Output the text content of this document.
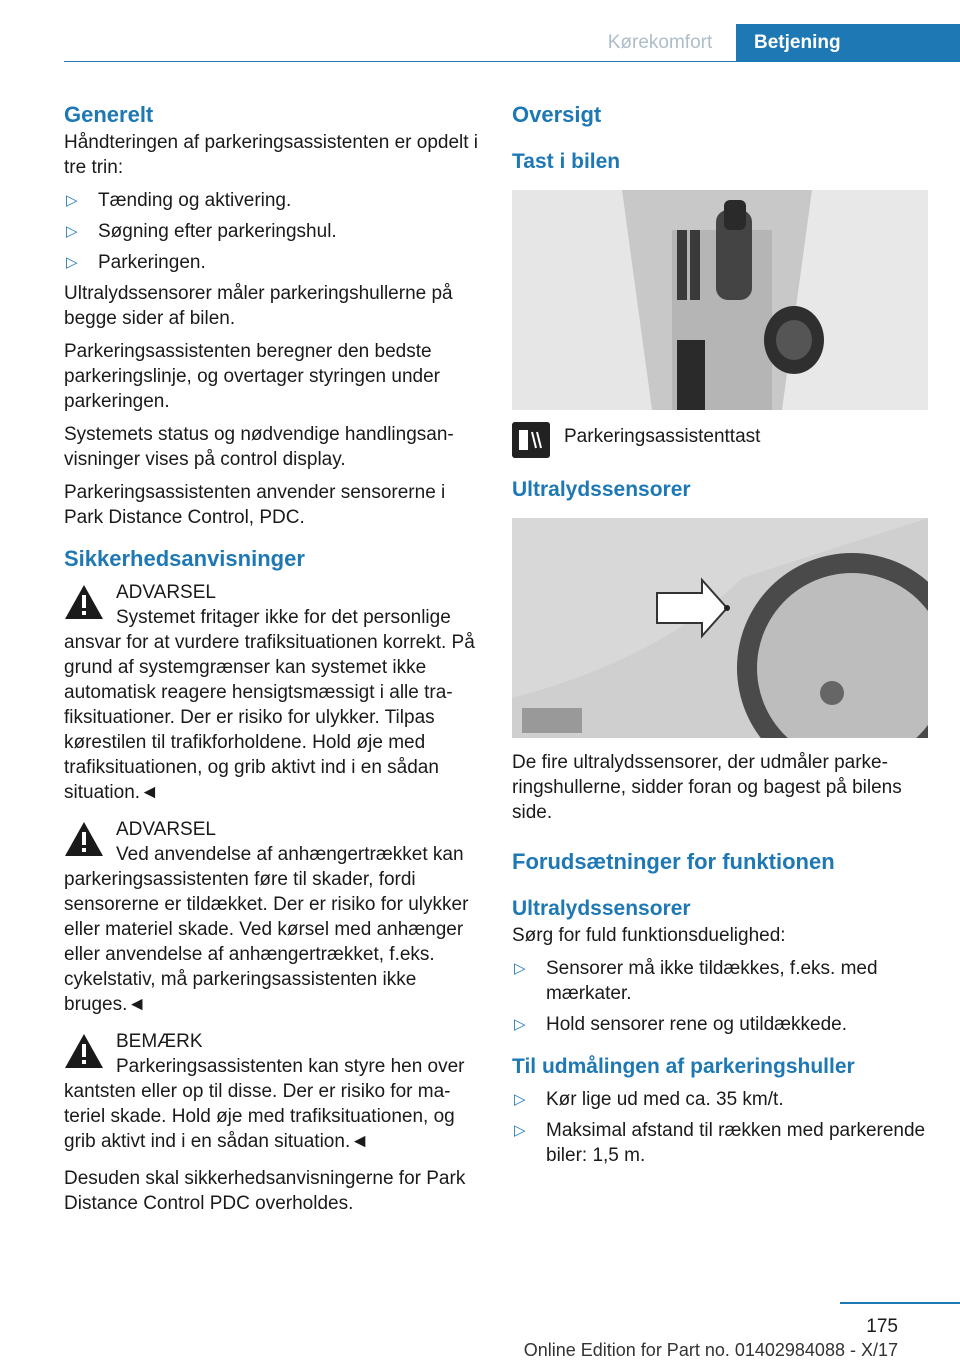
Kørekomfort	Betjening
Generelt

Håndteringen af parkeringsassistenten er opdelt i tre trin:

▷ Tænding og aktivering.
▷ Søgning efter parkeringshul.
▷ Parkeringen.

Ultralydssensorer måler parkeringshullerne på begge sider af bilen.

Parkeringsassistenten beregner den bedste parkeringslinje, og overtager styringen under parkeringen.

Systemets status og nødvendige handlingsanvisninger vises på control display.

Parkeringsassistenten anvender sensorerne i Park Distance Control, PDC.

Sikkerhedsanvisninger

ADVARSEL

Systemet fritager ikke for det personlige

ansvar for at vurdere trafiksituationen korrekt. På grund af systemgrænser kan systemet ikke automatisk reagere hensigtsmæssigt i alle trafiksituationer. Der er risiko for ulykker. Tilpas kørestilen til trafikforholdene. Hold øje med trafiksituationen, og grib aktivt ind i en sådan situation.◄

ADVARSEL

Ved anvendelse af anhængertrækket kan

parkeringsassistenten føre til skader, fordi sensorerne er tildækket. Der er risiko for ulykker eller materiel skade. Ved kørsel med anhænger eller anvendelse af anhængertrækket, f.eks. cykelstativ, må parkeringsassistenten ikke bruges.◄

BEMÆRK

Parkeringsassistenten kan styre hen over

kantsten eller op til disse. Der er risiko for materiel skade. Hold øje med trafiksituationen, og grib aktivt ind i en sådan situation.◄

Desuden skal sikkerhedsanvisningerne for Park Distance Control PDC overholdes.

Oversigt
Tast i bilen

Parkeringsassistenttast

Ultralydssensorer

De fire ultralydssensorer, der udmåler parkeringshullerne, sidder foran og bagest på bilens side.

Forudsætninger for funktionen
Ultralydssensorer

Sørg for fuld funktionsduelighed:

▷ Sensorer må ikke tildækkes, f.eks. med mærkater.
▷ Hold sensorer rene og utildækkede.
Til udmålingen af parkeringshuller
▷ Kør lige ud med ca. 35 km/t.
▷ Maksimal afstand til rækken med parkerende biler: 1,5 m.
175
Online Edition for Part no. 01402984088 - X/17
